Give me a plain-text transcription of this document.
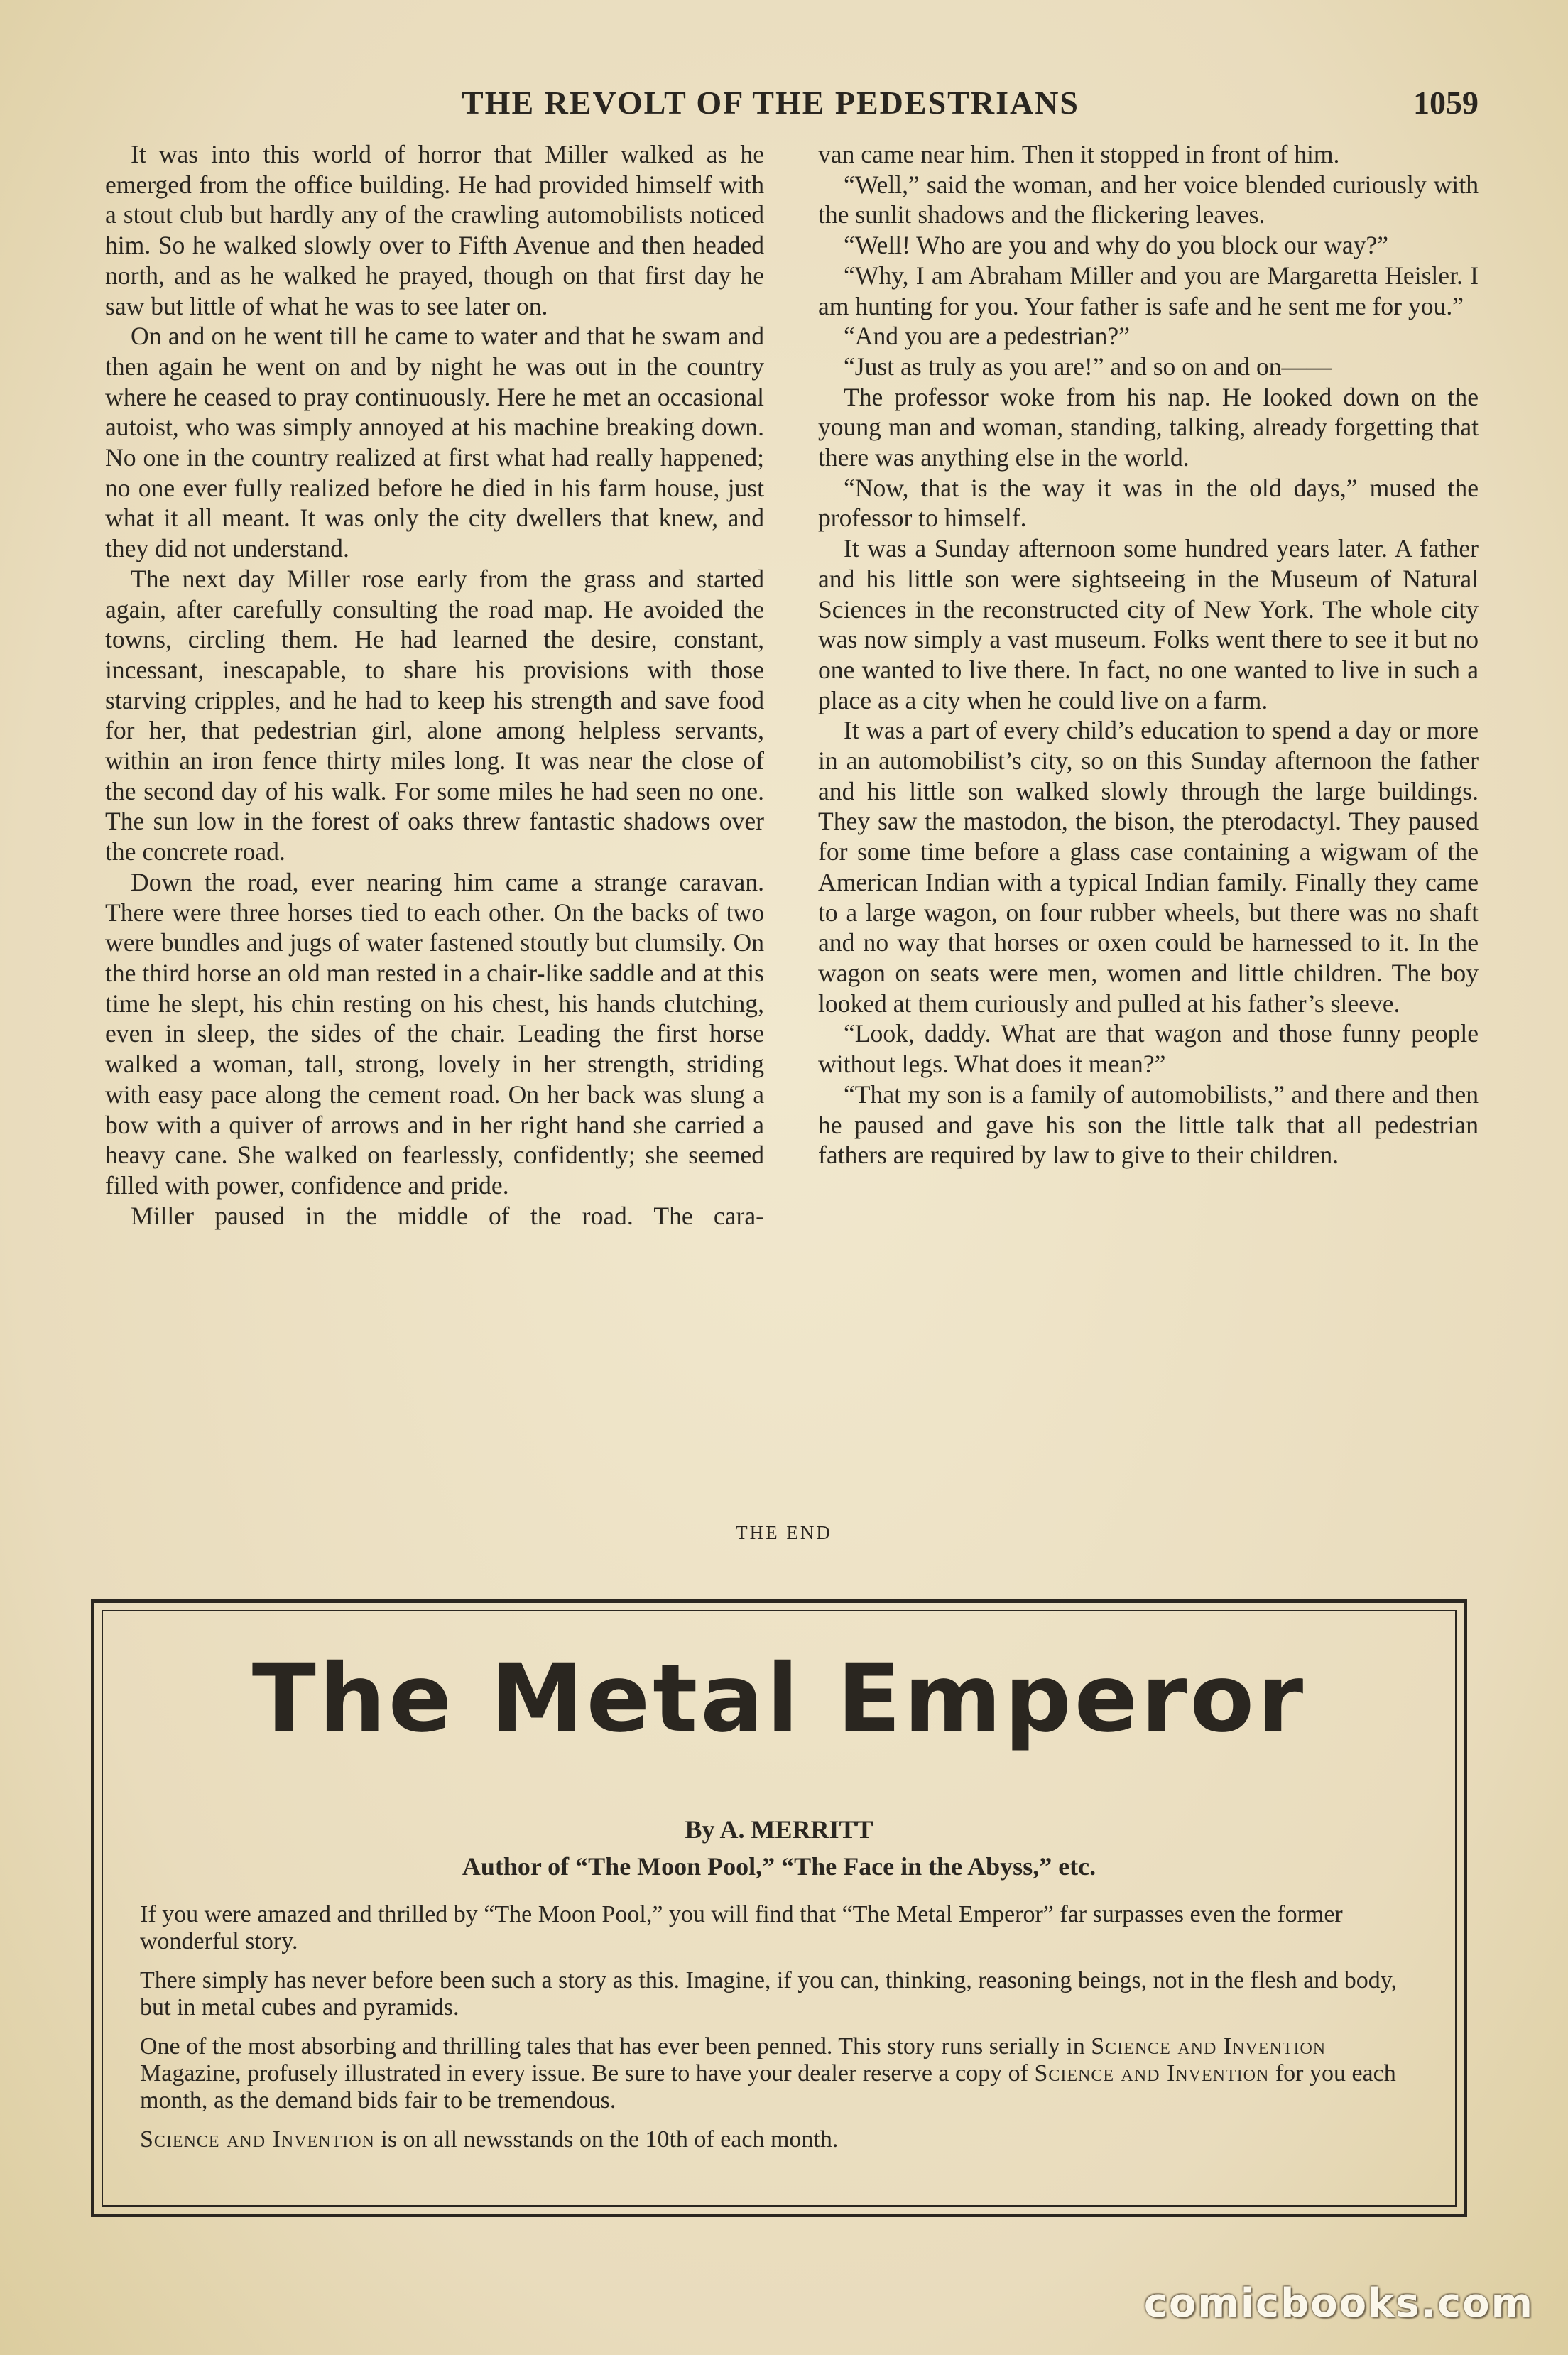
THE REVOLT OF THE PEDESTRIANS	1059

It was into this world of horror that Miller walked as he emerged from the office building. He had provided himself with a stout club but hardly any of the crawling automobilists noticed him. So he walked slowly over to Fifth Avenue and then headed north, and as he walked he prayed, though on that first day he saw but little of what he was to see later on.

On and on he went till he came to water and that he swam and then again he went on and by night he was out in the country where he ceased to pray continuously. Here he met an occasional autoist, who was simply annoyed at his machine breaking down. No one in the country realized at first what had really happened; no one ever fully realized before he died in his farm house, just what it all meant. It was only the city dwellers that knew, and they did not understand.

The next day Miller rose early from the grass and started again, after carefully consulting the road map. He avoided the towns, circling them. He had learned the desire, constant, incessant, inescapable, to share his provisions with those starving cripples, and he had to keep his strength and save food for her, that pedestrian girl, alone among helpless servants, within an iron fence thirty miles long. It was near the close of the second day of his walk. For some miles he had seen no one. The sun low in the forest of oaks threw fantastic shadows over the concrete road.

Down the road, ever nearing him came a strange caravan. There were three horses tied to each other. On the backs of two were bundles and jugs of water fastened stoutly but clumsily. On the third horse an old man rested in a chair-like saddle and at this time he slept, his chin resting on his chest, his hands clutching, even in sleep, the sides of the chair. Leading the first horse walked a woman, tall, strong, lovely in her strength, striding with easy pace along the cement road. On her back was slung a bow with a quiver of arrows and in her right hand she carried a heavy cane. She walked on fearlessly, confidently; she seemed filled with power, confidence and pride.

Miller paused in the middle of the road. The cara-

van came near him. Then it stopped in front of him.

“Well,” said the woman, and her voice blended curiously with the sunlit shadows and the flickering leaves.

“Well! Who are you and why do you block our way?”

“Why, I am Abraham Miller and you are Margaretta Heisler. I am hunting for you. Your father is safe and he sent me for you.”

“And you are a pedestrian?”

“Just as truly as you are!” and so on and on——

The professor woke from his nap. He looked down on the young man and woman, standing, talking, already forgetting that there was anything else in the world.

“Now, that is the way it was in the old days,” mused the professor to himself.

It was a Sunday afternoon some hundred years later. A father and his little son were sightseeing in the Museum of Natural Sciences in the reconstructed city of New York. The whole city was now simply a vast museum. Folks went there to see it but no one wanted to live there. In fact, no one wanted to live in such a place as a city when he could live on a farm.

It was a part of every child’s education to spend a day or more in an automobilist’s city, so on this Sunday afternoon the father and his little son walked slowly through the large buildings. They saw the mastodon, the bison, the pterodactyl. They paused for some time before a glass case containing a wigwam of the American Indian with a typical Indian family. Finally they came to a large wagon, on four rubber wheels, but there was no shaft and no way that horses or oxen could be harnessed to it. In the wagon on seats were men, women and little children. The boy looked at them curiously and pulled at his father’s sleeve.

“Look, daddy. What are that wagon and those funny people without legs. What does it mean?”

“That my son is a family of automobilists,” and there and then he paused and gave his son the little talk that all pedestrian fathers are required by law to give to their children.

THE END
The Metal Emperor
By A. MERRITT
Author of “The Moon Pool,” “The Face in the Abyss,” etc.

If you were amazed and thrilled by “The Moon Pool,” you will find that “The Metal Emperor” far surpasses even the former wonderful story.

There simply has never before been such a story as this. Imagine, if you can, thinking, reasoning beings, not in the flesh and body, but in metal cubes and pyramids.

One of the most absorbing and thrilling tales that has ever been penned. This story runs serially in Science and Invention Magazine, profusely illustrated in every issue. Be sure to have your dealer reserve a copy of Science and Invention for you each month, as the demand bids fair to be tremendous.

Science and Invention is on all newsstands on the 10th of each month.

comicbooks.com
